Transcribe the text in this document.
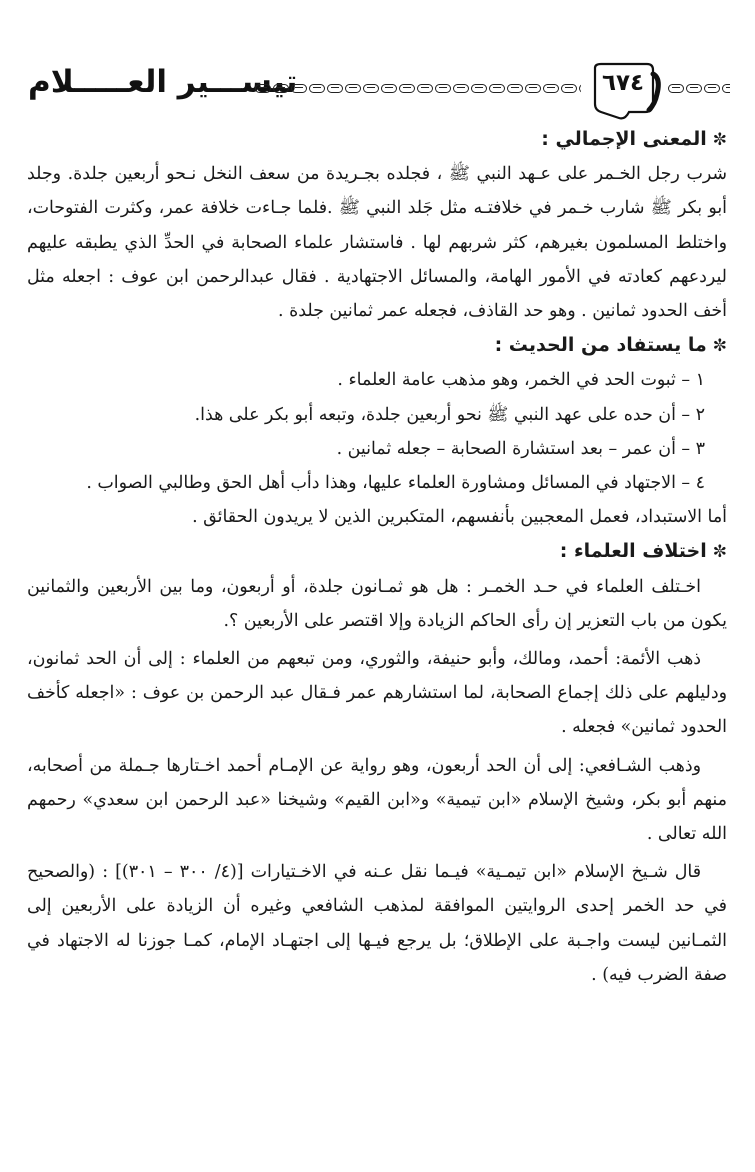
تيســـير العـــــلام	٦٧٤

✼المعنى الإجمالي :

شرب رجل الخـمر على عـهد النبي ﷺ ، فجلده بجـريدة من سعف النخل نـحو أربعين جلدة. وجلد أبو بكر ﷺ شارب خـمر في خلافتـه مثل جَلد النبي ﷺ .فلما جـاءت خلافة عمر، وكثرت الفتوحات، واختلط المسلمون بغيرهم، كثر شربهم لها . فاستشار علماء الصحابة في الحدِّ الذي يطبقه عليهم ليردعهم كعادته في الأمور الهامة، والمسائل الاجتهادية . فقال عبدالرحمن ابن عوف : اجعله مثل أخف الحدود ثمانين . وهو حد القاذف، فجعله عمر ثمانين جلدة .

✼ما يستفاد من الحديث :

١ – ثبوت الحد في الخمر، وهو مذهب عامة العلماء .

٢ – أن حده على عهد النبي ﷺ نحو أربعين جلدة، وتبعه أبو بكر على هذا.

٣ – أن عمر – بعد استشارة الصحابة – جعله ثمانين .

٤ – الاجتهاد في المسائل ومشاورة العلماء عليها، وهذا دأب أهل الحق وطالبي الصواب .

أما الاستبداد، فعمل المعجبين بأنفسهم، المتكبرين الذين لا يريدون الحقائق .

✼اختلاف العلماء :

اخـتلف العلماء في حـد الخمـر : هل هو ثمـانون جلدة، أو أربعون، وما بين الأربعين والثمانين يكون من باب التعزير إن رأى الحاكم الزيادة وإلا اقتصر على الأربعين ؟.

ذهب الأئمة: أحمد، ومالك، وأبو حنيفة، والثوري، ومن تبعهم من العلماء : إلى أن الحد ثمانون، ودليلهم على ذلك إجماع الصحابة، لما استشارهم عمر فـقال عبد الرحمن بن عوف : «اجعله كأخف الحدود ثمانين» فجعله .

وذهب الشـافعي: إلى أن الحد أربعون، وهو رواية عن الإمـام أحمد اخـتارها جـملة من أصحابه، منهم أبو بكر، وشيخ الإسلام «ابن تيمية» و«ابن القيم» وشيخنا «عبد الرحمن ابن سعدي» رحمهم الله تعالى .

قال شـيخ الإسلام «ابن تيمـية» فيـما نقل عـنه في الاخـتيارات [(٤/ ٣٠٠ – ٣٠١)] : (والصحيح في حد الخمر إحدى الروايتين الموافقة لمذهب الشافعي وغيره أن الزيادة على الأربعين إلى الثمـانين ليست واجـبة على الإطلاق؛ بل يرجع فيـها إلى اجتهـاد الإمام، كمـا جوزنا له الاجتهاد في صفة الضرب فيه) .
